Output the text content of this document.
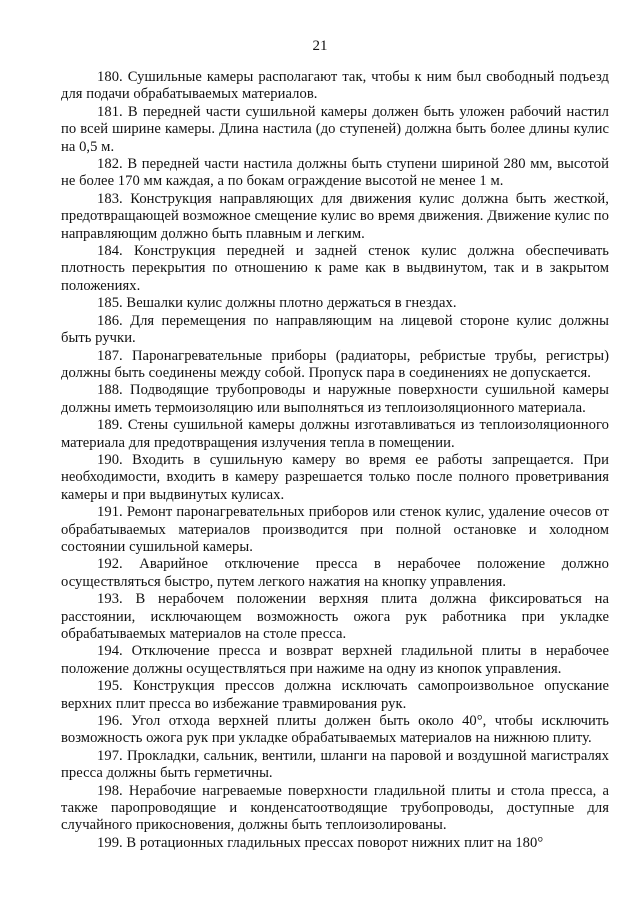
21

180. Сушильные камеры располагают так, чтобы к ним был свободный подъезд для подачи обрабатываемых материалов.

181. В передней части сушильной камеры должен быть уложен рабочий настил по всей ширине камеры. Длина настила (до ступеней) должна быть более длины кулис на 0,5 м.

182. В передней части настила должны быть ступени шириной 280 мм, высотой не более 170 мм каждая, а по бокам ограждение высотой не менее 1 м.

183. Конструкция направляющих для движения кулис должна быть жесткой, предотвращающей возможное смещение кулис во время движения. Движение кулис по направляющим должно быть плавным и легким.

184. Конструкция передней и задней стенок кулис должна обеспечивать плотность перекрытия по отношению к раме как в выдвинутом, так и в закрытом положениях.

185. Вешалки кулис должны плотно держаться в гнездах.

186. Для перемещения по направляющим на лицевой стороне кулис должны быть ручки.

187. Паронагревательные приборы (радиаторы, ребристые трубы, регистры) должны быть соединены между собой. Пропуск пара в соединениях не допускается.

188. Подводящие трубопроводы и наружные поверхности сушильной камеры должны иметь термоизоляцию или выполняться из теплоизоляционного материала.

189. Стены сушильной камеры должны изготавливаться из теплоизоляционного материала для предотвращения излучения тепла в помещении.

190. Входить в сушильную камеру во время ее работы запрещается. При необходимости, входить в камеру разрешается только после полного проветривания камеры и при выдвинутых кулисах.

191. Ремонт паронагревательных приборов или стенок кулис, удаление очесов от обрабатываемых материалов производится при полной остановке и холодном состоянии сушильной камеры.

192. Аварийное отключение пресса в нерабочее положение должно осуществляться быстро, путем легкого нажатия на кнопку управления.

193. В нерабочем положении верхняя плита должна фиксироваться на расстоянии, исключающем возможность ожога рук работника при укладке обрабатываемых материалов на столе пресса.

194. Отключение пресса и возврат верхней гладильной плиты в нерабочее положение должны осуществляться при нажиме на одну из кнопок управления.

195. Конструкция прессов должна исключать самопроизвольное опускание верхних плит пресса во избежание травмирования рук.

196. Угол отхода верхней плиты должен быть около 40°, чтобы исключить возможность ожога рук при укладке обрабатываемых материалов на нижнюю плиту.

197. Прокладки, сальник, вентили, шланги на паровой и воздушной магистралях пресса должны быть герметичны.

198. Нерабочие нагреваемые поверхности гладильной плиты и стола пресса, а также паропроводящие и конденсатоотводящие трубопроводы, доступные для случайного прикосновения, должны быть теплоизолированы.

199. В ротационных гладильных прессах поворот нижних плит на 180°
